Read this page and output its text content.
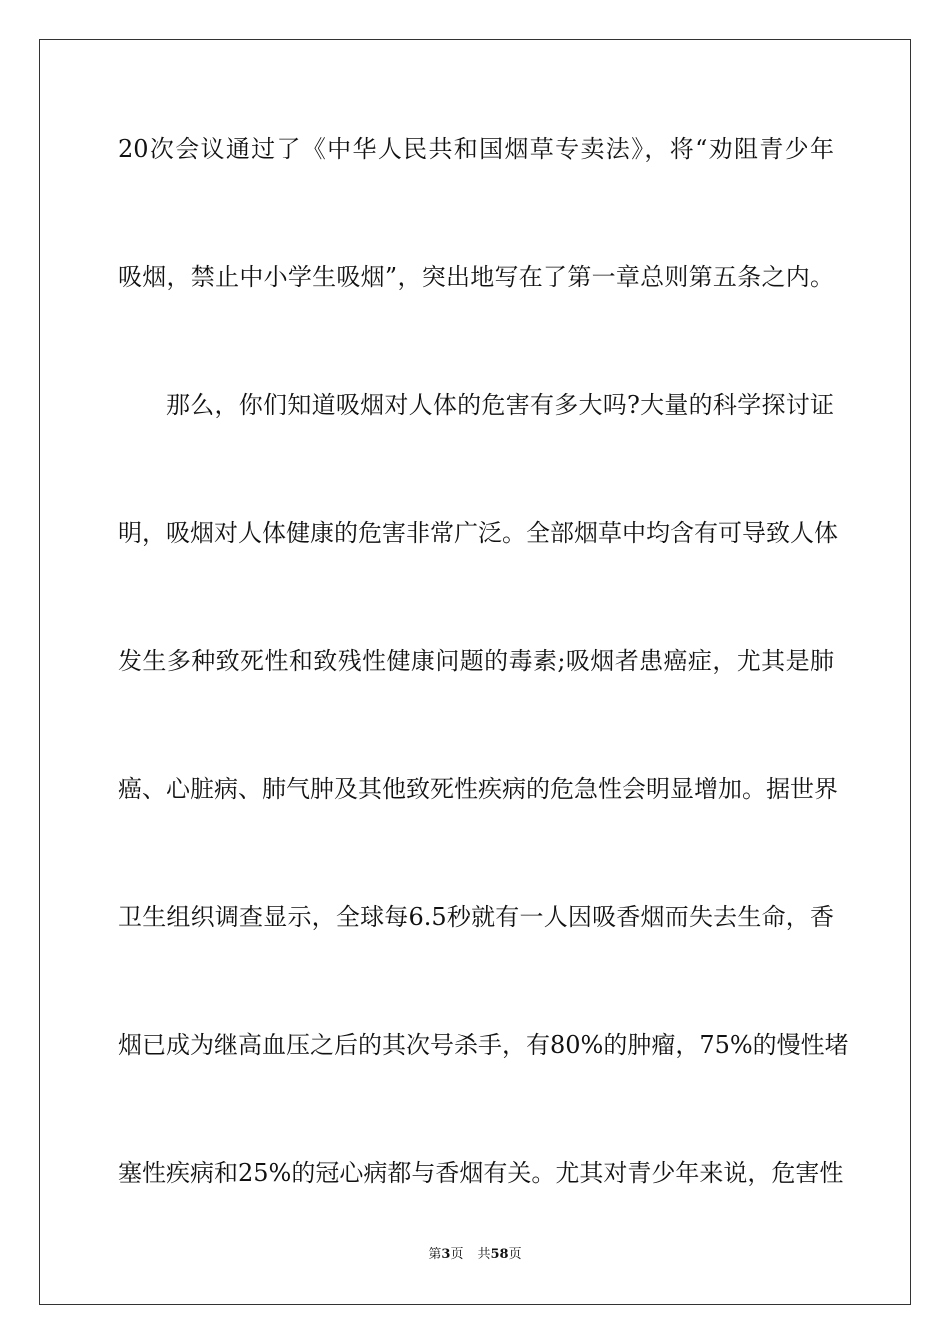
20次会议通过了《中华人民共和国烟草专卖法》，将“劝阻青少年
吸烟，禁止中小学生吸烟”，突出地写在了第一章总则第五条之内。
那么，你们知道吸烟对人体的危害有多大吗?大量的科学探讨证
明，吸烟对人体健康的危害非常广泛。全部烟草中均含有可导致人体
发生多种致死性和致残性健康问题的毒素;吸烟者患癌症，尤其是肺
癌、心脏病、肺气肿及其他致死性疾病的危急性会明显增加。据世界
卫生组织调查显示，全球每6.5秒就有一人因吸香烟而失去生命，香
烟已成为继高血压之后的其次号杀手，有80%的肿瘤，75%的慢性堵
塞性疾病和25%的冠心病都与香烟有关。尤其对青少年来说，危害性
第3页 共58页
